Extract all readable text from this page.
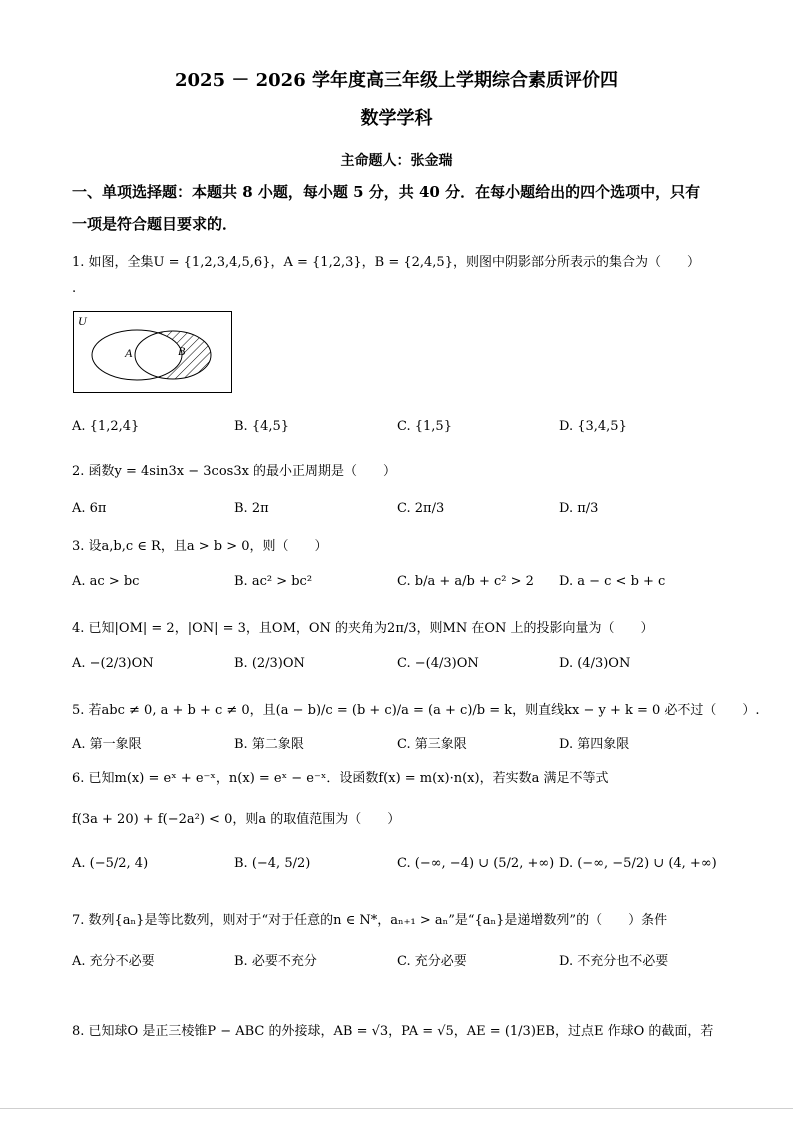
2025 － 2026 学年度高三年级上学期综合素质评价四
数学学科
主命题人：张金瑞
一、单项选择题：本题共 8 小题，每小题 5 分，共 40 分．在每小题给出的四个选项中，只有
一项是符合题目要求的．
1. 如图，全集U = {1,2,3,4,5,6}，A = {1,2,3}，B = {2,4,5}，则图中阴影部分所表示的集合为（　　）
.
U
A	B
A. {1,2,4}	B. {4,5}	C. {1,5}	D. {3,4,5}
2. 函数y = 4sin3x − 3cos3x 的最小正周期是（　　）
A. 6π	B. 2π	C. 2π/3	D. π/3
3. 设a,b,c ∈ R，且a > b > 0，则（　　）
A. ac > bc	B. ac² > bc²	C. b/a + a/b + c² > 2 D. a − c < b + c
4. 已知|OM| = 2，|ON| = 3，且OM，ON 的夹角为2π/3，则MN 在ON 上的投影向量为（　　）
A. −(2/3)ON	B. (2/3)ON	C. −(4/3)ON	D. (4/3)ON
5. 若abc ≠ 0, a + b + c ≠ 0，且(a − b)/c = (b + c)/a = (a + c)/b = k，则直线kx − y + k = 0 必不过（　　）.
A. 第一象限	B. 第二象限	C. 第三象限	D. 第四象限
6. 已知m(x) = eˣ + e⁻ˣ，n(x) = eˣ − e⁻ˣ．设函数f(x) = m(x)·n(x)，若实数a 满足不等式
f(3a + 20) + f(−2a²) < 0，则a 的取值范围为（　　）
A. (−5/2, 4)	B. (−4, 5/2)	C. (−∞, −4) ∪ (5/2, +∞) D. (−∞, −5/2) ∪ (4, +∞)
7. 数列{aₙ}是等比数列，则对于“对于任意的n ∈ N*，aₙ₊₁ > aₙ”是“{aₙ}是递增数列”的（　　）条件
A. 充分不必要	B. 必要不充分	C. 充分必要	D. 不充分也不必要
8. 已知球O 是正三棱锥P − ABC 的外接球，AB = √3，PA = √5，AE = (1/3)EB，过点E 作球O 的截面，若
